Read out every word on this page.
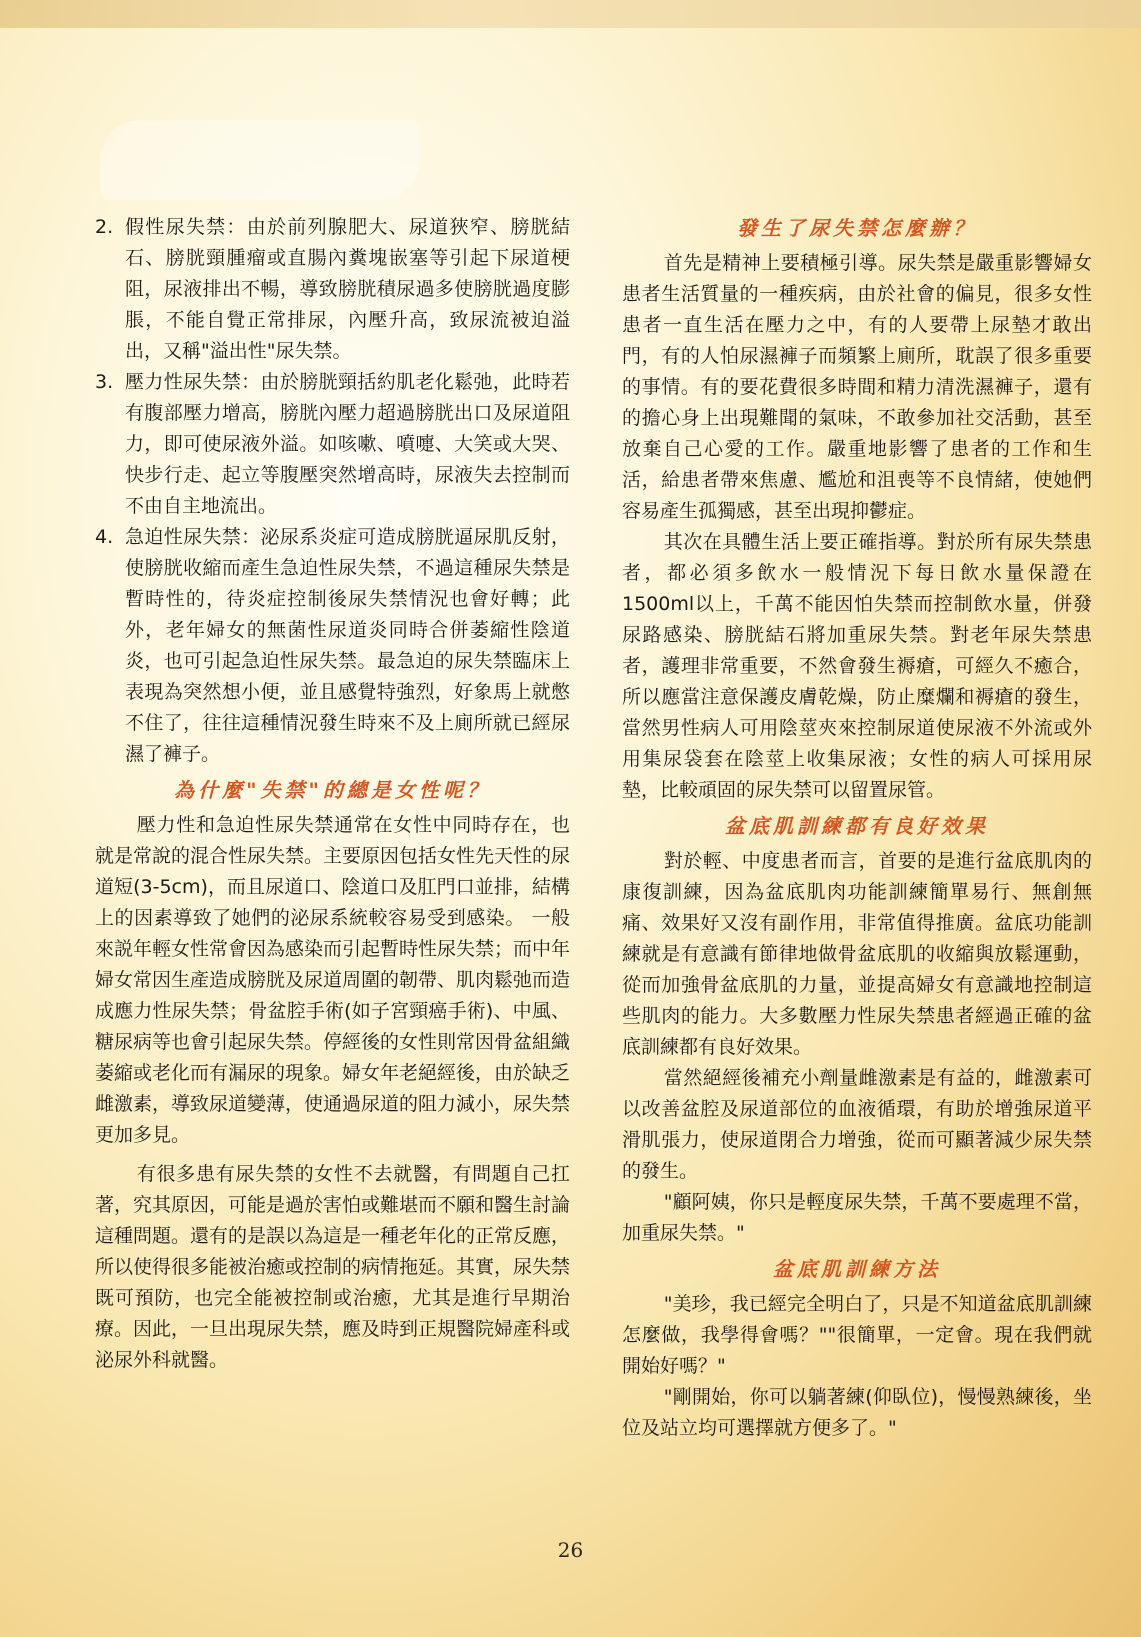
2. 假性尿失禁：由於前列腺肥大、尿道狹窄、膀胱結石、膀胱頸腫瘤或直腸內糞塊嵌塞等引起下尿道梗阻，尿液排出不暢，導致膀胱積尿過多使膀胱過度膨脹，不能自覺正常排尿，內壓升高，致尿流被迫溢出，又稱"溢出性"尿失禁。
3. 壓力性尿失禁：由於膀胱頸括約肌老化鬆弛，此時若有腹部壓力增高，膀胱內壓力超過膀胱出口及尿道阻力，即可使尿液外溢。如咳嗽、噴嚏、大笑或大哭、快步行走、起立等腹壓突然增高時，尿液失去控制而不由自主地流出。
4. 急迫性尿失禁：泌尿系炎症可造成膀胱逼尿肌反射，使膀胱收縮而產生急迫性尿失禁，不過這種尿失禁是暫時性的，待炎症控制後尿失禁情況也會好轉；此外，老年婦女的無菌性尿道炎同時合併萎縮性陰道炎，也可引起急迫性尿失禁。最急迫的尿失禁臨床上表現為突然想小便，並且感覺特強烈，好象馬上就憋不住了，往往這種情況發生時來不及上廁所就已經尿濕了褲子。
為什麼"失禁"的總是女性呢？

壓力性和急迫性尿失禁通常在女性中同時存在，也就是常說的混合性尿失禁。主要原因包括女性先天性的尿道短(3-5cm)，而且尿道口、陰道口及肛門口並排，結構上的因素導致了她們的泌尿系統較容易受到感染。 一般來説年輕女性常會因為感染而引起暫時性尿失禁；而中年婦女常因生產造成膀胱及尿道周圍的韌帶、肌肉鬆弛而造成應力性尿失禁；骨盆腔手術(如子宮頸癌手術)、中風、糖尿病等也會引起尿失禁。停經後的女性則常因骨盆組織萎縮或老化而有漏尿的現象。婦女年老絕經後，由於缺乏雌激素，導致尿道變薄，使通過尿道的阻力減小，尿失禁更加多見。

有很多患有尿失禁的女性不去就醫，有問題自己扛著，究其原因，可能是過於害怕或難堪而不願和醫生討論這種問題。還有的是誤以為這是一種老年化的正常反應，所以使得很多能被治癒或控制的病情拖延。其實，尿失禁既可預防，也完全能被控制或治癒，尤其是進行早期治療。因此，一旦出現尿失禁，應及時到正規醫院婦產科或泌尿外科就醫。

發生了尿失禁怎麼辦？

首先是精神上要積極引導。尿失禁是嚴重影響婦女患者生活質量的一種疾病，由於社會的偏見，很多女性患者一直生活在壓力之中，有的人要帶上尿墊才敢出門，有的人怕尿濕褲子而頻繁上廁所，耽誤了很多重要的事情。有的要花費很多時間和精力清洗濕褲子，還有的擔心身上出現難聞的氣味，不敢參加社交活動，甚至放棄自己心愛的工作。嚴重地影響了患者的工作和生活，給患者帶來焦慮、尷尬和沮喪等不良情緒，使她們容易產生孤獨感，甚至出現抑鬱症。

其次在具體生活上要正確指導。對於所有尿失禁患者，都必須多飲水一般情況下每日飲水量保證在1500ml以上，千萬不能因怕失禁而控制飲水量，併發尿路感染、膀胱結石將加重尿失禁。對老年尿失禁患者，護理非常重要，不然會發生褥瘡，可經久不癒合，所以應當注意保護皮膚乾燥，防止糜爛和褥瘡的發生，當然男性病人可用陰莖夾來控制尿道使尿液不外流或外用集尿袋套在陰莖上收集尿液；女性的病人可採用尿墊，比較頑固的尿失禁可以留置尿管。

盆底肌訓練都有良好效果

對於輕、中度患者而言，首要的是進行盆底肌肉的康復訓練，因為盆底肌肉功能訓練簡單易行、無創無痛、效果好又沒有副作用，非常值得推廣。盆底功能訓練就是有意識有節律地做骨盆底肌的收縮與放鬆運動，從而加強骨盆底肌的力量，並提高婦女有意識地控制這些肌肉的能力。大多數壓力性尿失禁患者經過正確的盆底訓練都有良好效果。

當然絕經後補充小劑量雌激素是有益的，雌激素可以改善盆腔及尿道部位的血液循環，有助於增強尿道平滑肌張力，使尿道閉合力增強，從而可顯著減少尿失禁的發生。

"顧阿姨，你只是輕度尿失禁，千萬不要處理不當，加重尿失禁。"

盆底肌訓練方法

"美珍，我已經完全明白了，只是不知道盆底肌訓練怎麼做，我學得會嗎？""很簡單，一定會。現在我們就開始好嗎？"

"剛開始，你可以躺著練(仰臥位)，慢慢熟練後，坐位及站立均可選擇就方便多了。"

26
